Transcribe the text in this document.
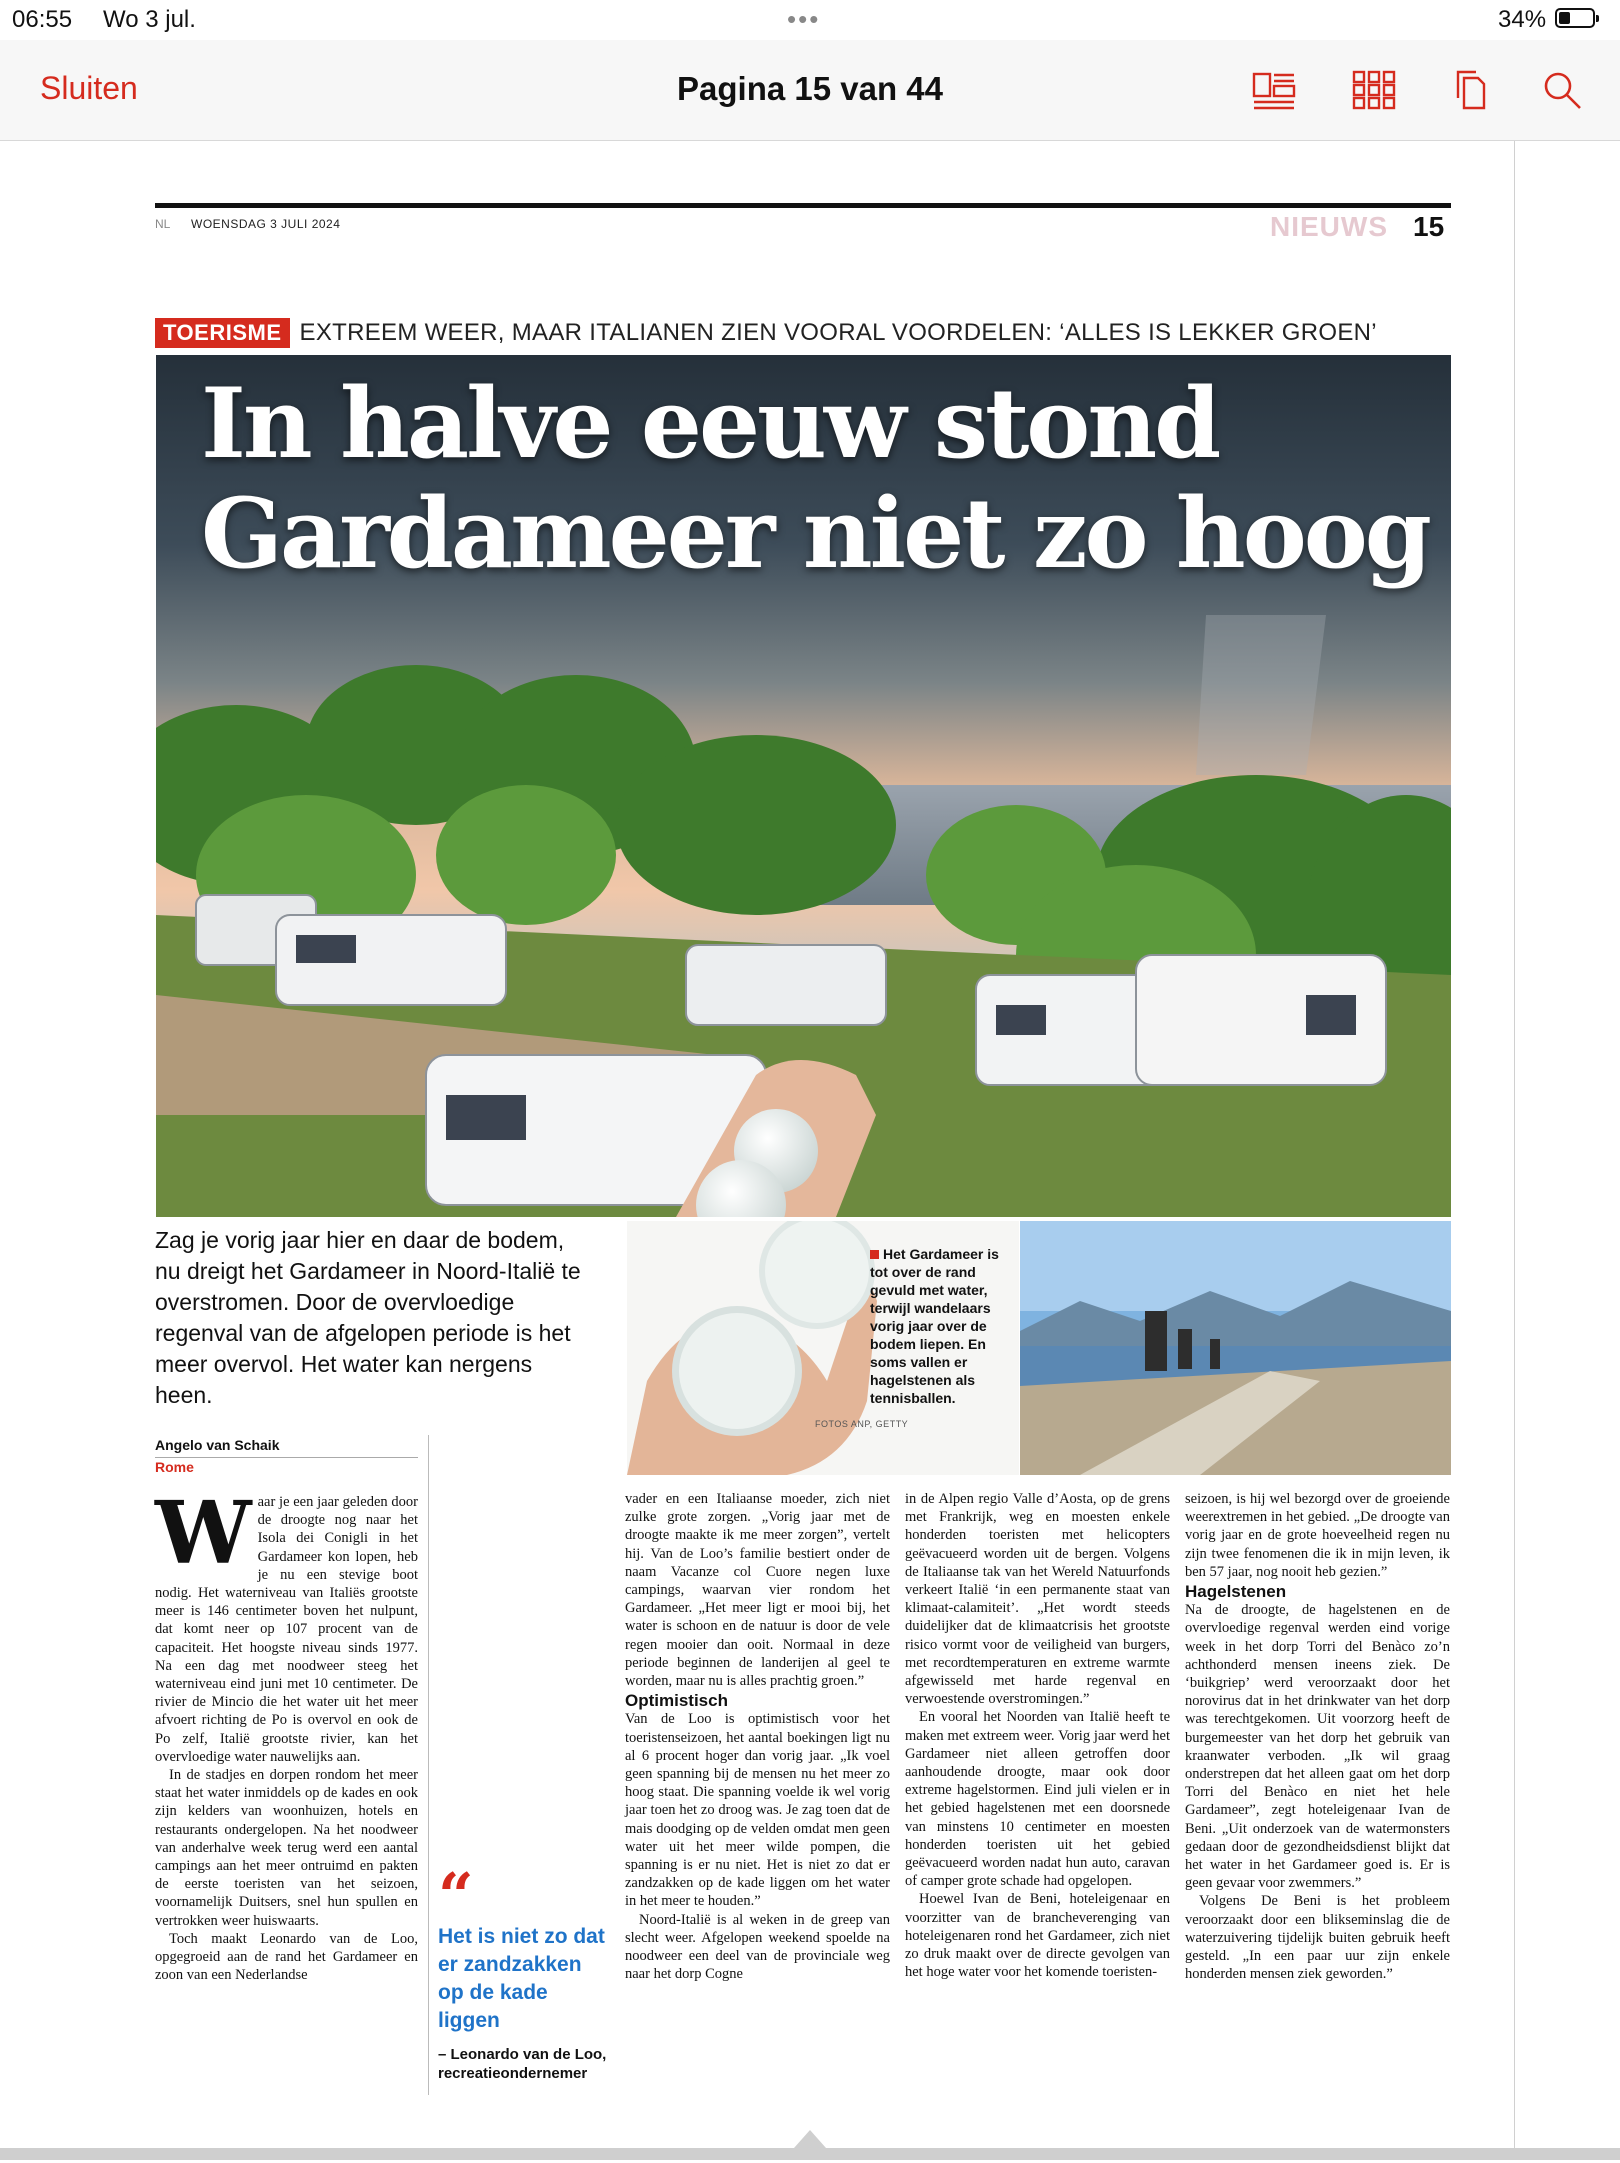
06:55 Wo 3 jul.	•••	34%
Sluiten	Pagina 15 van 44
NL WOENSDAG 3 JULI 2024	NIEUWS 15
TOERISME EXTREEM WEER, MAAR ITALIANEN ZIEN VOORAL VOORDELEN: ‘ALLES IS LEKKER GROEN’
In halve eeuw stond
Gardameer niet zo hoog
Zag je vorig jaar hier en daar de bodem, nu dreigt het Gardameer in Noord-Italië te overstromen. Door de overvloedige regenval van de afgelopen periode is het meer overvol. Het water kan nergens heen.
Het Gardameer is tot over de rand gevuld met water, terwijl wandelaars vorig jaar over de bodem liepen. En soms vallen er hagelstenen als tennisballen.
FOTOS ANP, GETTY
Angelo van Schaik
Rome

Waar je een jaar geleden door de droogte nog naar het Isola dei Conigli in het Gardameer kon lopen, heb je nu een stevige boot nodig. Het waterniveau van Italiës grootste meer is 146 centimeter boven het nulpunt, dat komt neer op 107 procent van de capaciteit. Het hoogste niveau sinds 1977. Na een dag met noodweer steeg het waterniveau eind juni met 10 centimeter. De rivier de Mincio die het water uit het meer afvoert richting de Po is overvol en ook de Po zelf, Italië grootste rivier, kan het overvloedige water nauwelijks aan.

In de stadjes en dorpen rondom het meer staat het water inmiddels op de kades en ook zijn kelders van woonhuizen, hotels en restaurants ondergelopen. Na het noodweer van anderhalve week terug werd een aantal campings aan het meer ontruimd en pakten de eerste toeristen van het seizoen, voornamelijk Duitsers, snel hun spullen en vertrokken weer huiswaarts.

Toch maakt Leonardo van de Loo, opgegroeid aan de rand het Gardameer en zoon van een Nederlandse

“
Het is niet zo dat er zandzakken op de kade liggen
– Leonardo van de Loo, recreatieondernemer

vader en een Italiaanse moeder, zich niet zulke grote zorgen. „Vorig jaar met de droogte maakte ik me meer zorgen”, vertelt hij. Van de Loo’s familie bestiert onder de naam Vacanze col Cuore negen luxe campings, waarvan vier rondom het Gardameer. „Het meer ligt er mooi bij, het water is schoon en de natuur is door de vele regen mooier dan ooit. Normaal in deze periode beginnen de landerijen al geel te worden, maar nu is alles prachtig groen.”

Optimistisch

Van de Loo is optimistisch voor het toeristenseizoen, het aantal boekingen ligt nu al 6 procent hoger dan vorig jaar. „Ik voel geen spanning bij de mensen nu het meer zo hoog staat. Die spanning voelde ik wel vorig jaar toen het zo droog was. Je zag toen dat de mais doodging op de velden omdat men geen water uit het meer wilde pompen, die spanning is er nu niet. Het is niet zo dat er zandzakken op de kade liggen om het water in het meer te houden.”

Noord-Italië is al weken in de greep van slecht weer. Afgelopen weekend spoelde na noodweer een deel van de provinciale weg naar het dorp Cogne

in de Alpen regio Valle d’Aosta, op de grens met Frankrijk, weg en moesten enkele honderden toeristen met helicopters geëvacueerd worden uit de bergen. Volgens de Italiaanse tak van het Wereld Natuurfonds verkeert Italië ‘in een permanente staat van klimaat-calamiteit’. „Het wordt steeds duidelijker dat de klimaatcrisis het grootste risico vormt voor de veiligheid van burgers, met recordtemperaturen en extreme warmte afgewisseld met harde regenval en verwoestende overstromingen.”

En vooral het Noorden van Italië heeft te maken met extreem weer. Vorig jaar werd het Gardameer niet alleen getroffen door aanhoudende droogte, maar ook door extreme hagelstormen. Eind juli vielen er in het gebied hagelstenen met een doorsnede van minstens 10 centimeter en moesten honderden toeristen uit het gebied geëvacueerd worden nadat hun auto, caravan of camper grote schade had opgelopen.

Hoewel Ivan de Beni, hoteleigenaar en voorzitter van de brancheverenging van hoteleigenaren rond het Gardameer, zich niet zo druk maakt over de directe gevolgen van het hoge water voor het komende toeristen-

seizoen, is hij wel bezorgd over de groeiende weerextremen in het gebied. „De droogte van vorig jaar en de grote hoeveelheid regen nu zijn twee fenomenen die ik in mijn leven, ik ben 57 jaar, nog nooit heb gezien.”

Hagelstenen

Na de droogte, de hagelstenen en de overvloedige regenval werden eind vorige week in het dorp Torri del Benàco zo’n achthonderd mensen ineens ziek. De ‘buikgriep’ werd veroorzaakt door het norovirus dat in het drinkwater van het dorp was terechtgekomen. Uit voorzorg heeft de burgemeester van het dorp het gebruik van kraanwater verboden. „Ik wil graag onderstrepen dat het alleen gaat om het dorp Torri del Benàco en niet het hele Gardameer”, zegt hoteleigenaar Ivan de Beni. „Uit onderzoek van de watermonsters gedaan door de gezondheidsdienst blijkt dat het water in het Gardameer goed is. Er is geen gevaar voor zwemmers.”

Volgens De Beni is het probleem veroorzaakt door een blikseminslag die de waterzuivering tijdelijk buiten gebruik heeft gesteld. „In een paar uur zijn enkele honderden mensen ziek geworden.”
